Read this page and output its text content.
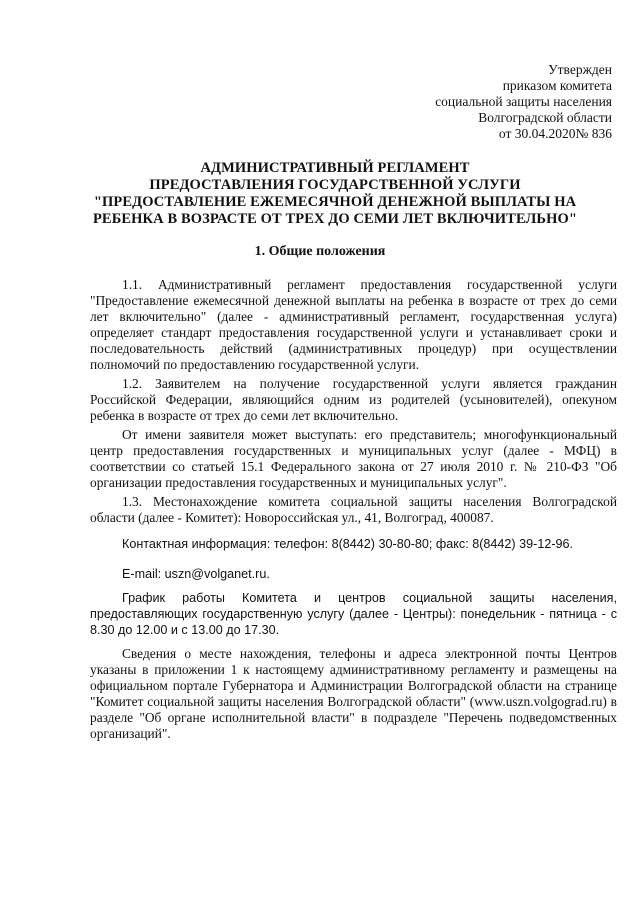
Утвержден
приказом комитета
социальной защиты населения
Волгоградской области
от 30.04.2020№ 836
АДМИНИСТРАТИВНЫЙ РЕГЛАМЕНТ
ПРЕДОСТАВЛЕНИЯ ГОСУДАРСТВЕННОЙ УСЛУГИ
"ПРЕДОСТАВЛЕНИЕ ЕЖЕМЕСЯЧНОЙ ДЕНЕЖНОЙ ВЫПЛАТЫ НА
РЕБЕНКА В ВОЗРАСТЕ ОТ ТРЕХ ДО СЕМИ ЛЕТ ВКЛЮЧИТЕЛЬНО"
1. Общие положения

1.1. Административный регламент предоставления государственной услуги "Предоставление ежемесячной денежной выплаты на ребенка в возрасте от трех до семи лет включительно" (далее - административный регламент, государственная услуга) определяет стандарт предоставления государственной услуги и устанавливает сроки и последовательность действий (административных процедур) при осуществлении полномочий по предоставлению государственной услуги.

1.2. Заявителем на получение государственной услуги является гражданин Российской Федерации, являющийся одним из родителей (усыновителей), опекуном ребенка в возрасте от трех до семи лет включительно.

От имени заявителя может выступать: его представитель; многофункциональный центр предоставления государственных и муниципальных услуг (далее - МФЦ) в соответствии со статьей 15.1 Федерального закона от 27 июля 2010 г. № 210-ФЗ "Об организации предоставления государственных и муниципальных услуг".

1.3. Местонахождение комитета социальной защиты населения Волгоградской области (далее - Комитет): Новороссийская ул., 41, Волгоград, 400087.

Контактная информация: телефон: 8(8442) 30-80-80; факс: 8(8442) 39-12-96.

E-mail: uszn@volganet.ru.

График работы Комитета и центров социальной защиты населения, предоставляющих государственную услугу (далее - Центры): понедельник - пятница - с 8.30 до 12.00 и с 13.00 до 17.30.

Сведения о месте нахождения, телефоны и адреса электронной почты Центров указаны в приложении 1 к настоящему административному регламенту и размещены на официальном портале Губернатора и Администрации Волгоградской области на странице "Комитет социальной защиты населения Волгоградской области" (www.uszn.volgograd.ru) в разделе "Об органе исполнительной власти" в подразделе "Перечень подведомственных организаций".
